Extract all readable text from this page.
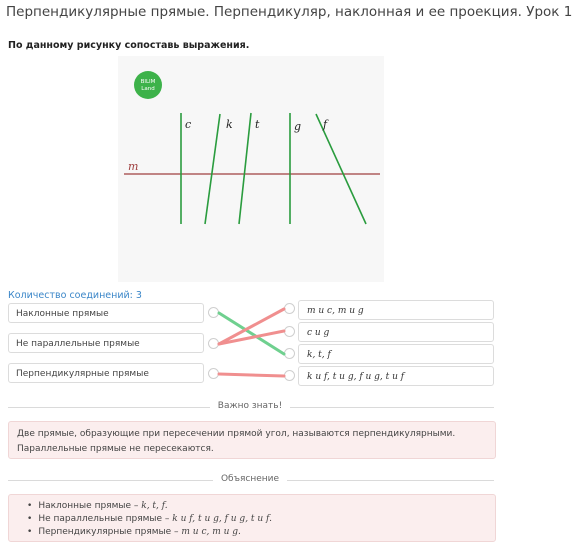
Перпендикулярные прямые. Перпендикуляр, наклонная и ее проекция. Урок 1
По данному рисунку сопоставь выражения.
BILIM
Land
c	k t	g f
m
Количество соединений: 3
Наклонные прямые
Не параллельные прямые
Перпендикулярные прямые
m и c, m и g
c и g
k, t, f
k и f, t и g, f и g, t и f
Важно знать!
Две прямые, образующие при пересечении прямой угол, называются перпендикулярными.
Параллельные прямые не пересекаются.
Объяснение
• Наклонные прямые – k, t, f.
• Не параллельные прямые – k и f, t и g, f и g, t и f.
• Перпендикулярные прямые – m и c, m и g.
